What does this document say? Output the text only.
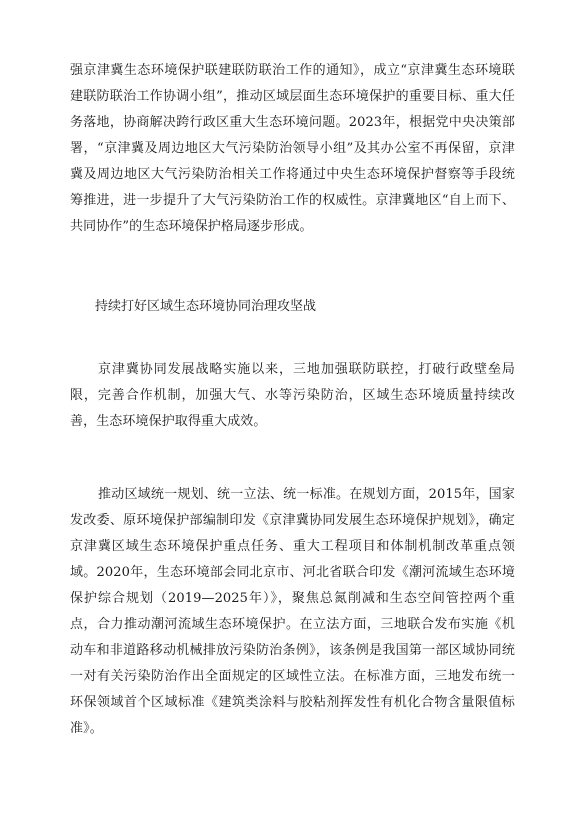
强京津冀生态环境保护联建联防联治工作的通知》，成立“京津冀生态环境联建联防联治工作协调小组”，推动区域层面生态环境保护的重要目标、重大任务落地，协商解决跨行政区重大生态环境问题。2023年，根据党中央决策部署，“京津冀及周边地区大气污染防治领导小组”及其办公室不再保留，京津冀及周边地区大气污染防治相关工作将通过中央生态环境保护督察等手段统筹推进，进一步提升了大气污染防治工作的权威性。京津冀地区“自上而下、共同协作”的生态环境保护格局逐步形成。

持续打好区域生态环境协同治理攻坚战

京津冀协同发展战略实施以来，三地加强联防联控，打破行政壁垒局限，完善合作机制，加强大气、水等污染防治，区域生态环境质量持续改善，生态环境保护取得重大成效。

推动区域统一规划、统一立法、统一标准。在规划方面，2015年，国家发改委、原环境保护部编制印发《京津冀协同发展生态环境保护规划》，确定京津冀区域生态环境保护重点任务、重大工程项目和体制机制改革重点领域。2020年，生态环境部会同北京市、河北省联合印发《潮河流域生态环境保护综合规划（2019—2025年）》，聚焦总氮削减和生态空间管控两个重点，合力推动潮河流域生态环境保护。在立法方面，三地联合发布实施《机动车和非道路移动机械排放污染防治条例》，该条例是我国第一部区域协同统一对有关污染防治作出全面规定的区域性立法。在标准方面，三地发布统一环保领域首个区域标准《建筑类涂料与胶粘剂挥发性有机化合物含量限值标准》。
